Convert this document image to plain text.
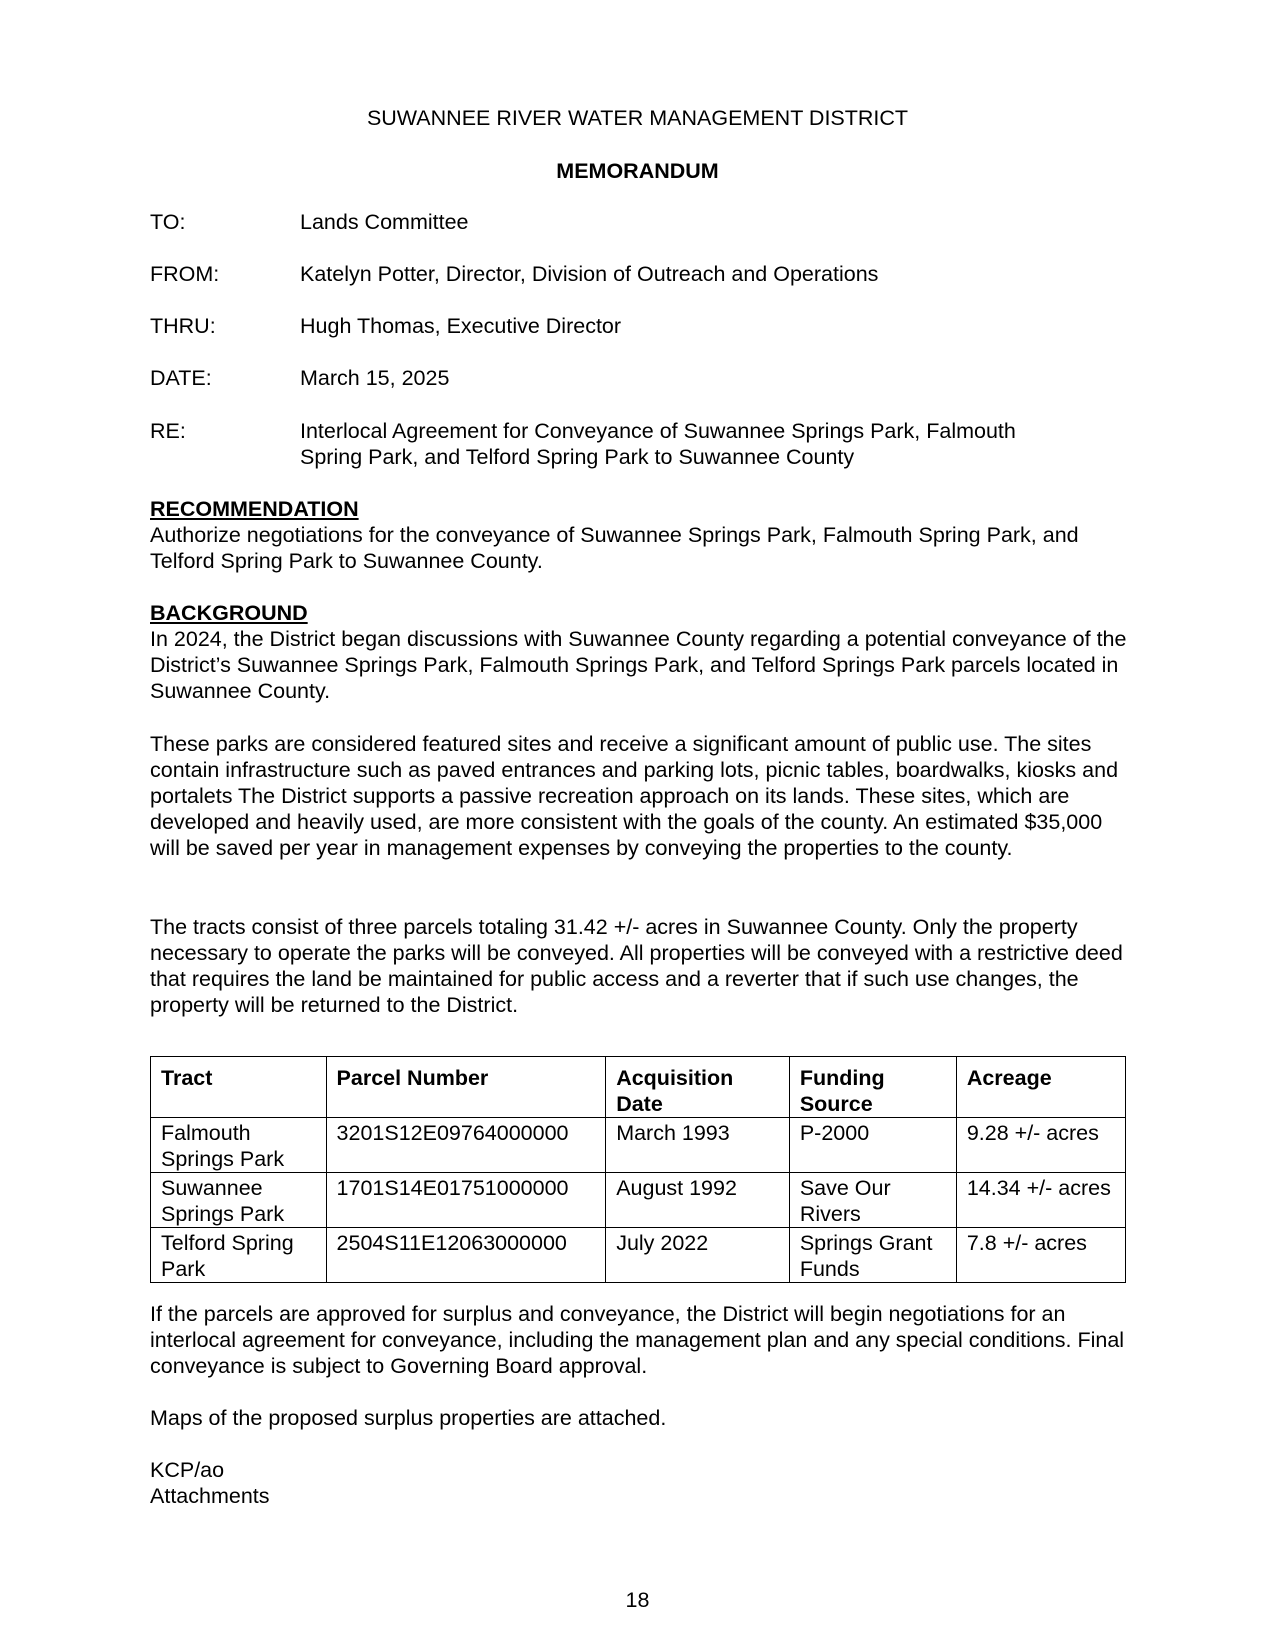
SUWANNEE RIVER WATER MANAGEMENT DISTRICT
MEMORANDUM
TO:	Lands Committee
FROM:	Katelyn Potter, Director, Division of Outreach and Operations
THRU:	Hugh Thomas, Executive Director
DATE:	March 15, 2025
RE:	Interlocal Agreement for Conveyance of Suwannee Springs Park, Falmouth
Spring Park, and Telford Spring Park to Suwannee County
RECOMMENDATION
Authorize negotiations for the conveyance of Suwannee Springs Park, Falmouth Spring Park, and Telford Spring Park to Suwannee County.
BACKGROUND
In 2024, the District began discussions with Suwannee County regarding a potential conveyance of the District’s Suwannee Springs Park, Falmouth Springs Park, and Telford Springs Park parcels located in Suwannee County.
These parks are considered featured sites and receive a significant amount of public use. The sites contain infrastructure such as paved entrances and parking lots, picnic tables, boardwalks, kiosks and portalets The District supports a passive recreation approach on its lands. These sites, which are developed and heavily used, are more consistent with the goals of the county. An estimated $35,000 will be saved per year in management expenses by conveying the properties to the county.
The tracts consist of three parcels totaling 31.42 +/- acres in Suwannee County. Only the property necessary to operate the parks will be conveyed. All properties will be conveyed with a restrictive deed that requires the land be maintained for public access and a reverter that if such use changes, the property will be returned to the District.
Tract	Parcel Number	Acquisition Date	Funding Source	Acreage
Falmouth Springs Park	3201S12E09764000000	March 1993	P-2000	9.28 +/- acres
Suwannee Springs Park	1701S14E01751000000	August 1992	Save Our Rivers	14.34 +/- acres
Telford Spring Park	2504S11E12063000000	July 2022	Springs Grant Funds	7.8 +/- acres
If the parcels are approved for surplus and conveyance, the District will begin negotiations for an interlocal agreement for conveyance, including the management plan and any special conditions. Final conveyance is subject to Governing Board approval.
Maps of the proposed surplus properties are attached.
KCP/ao
Attachments
18
